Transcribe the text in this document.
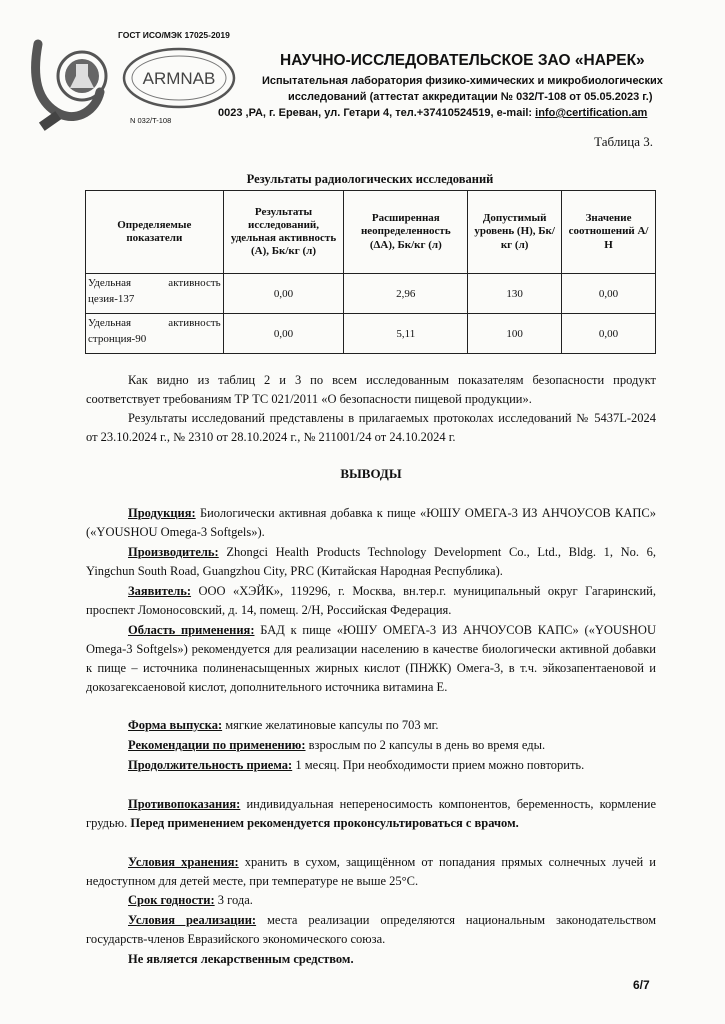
ГОСТ ИСО/МЭК 17025-2019
ARMNAB
N 032/T-108
НАУЧНО-ИССЛЕДОВАТЕЛЬСКОЕ ЗАО «НАРЕК»
Испытательная лаборатория физико-химических и микробиологических
исследований (аттестат аккредитации № 032/Т-108 от 05.05.2023 г.)
0023 ,РА, г. Ереван, ул. Гетари 4, тел.+37410524519, e-mail: info@certification.am
Таблица 3.
Результаты радиологических исследований
Определяемые показатели	Результаты исследований, удельная активность (А), Бк/кг (л)	Расширенная неопределенность (ΔА), Бк/кг (л)	Допустимый уровень (Н), Бк/кг (л)	Значение соотношений А/Н
Удельная активность цезия-137	0,00	2,96	130	0,00
Удельная активность стронция-90	0,00	5,11	100	0,00
Как видно из таблиц 2 и 3 по всем исследованным показателям безопасности продукт соответствует требованиям ТР ТС 021/2011 «О безопасности пищевой продукции».
Результаты исследований представлены в прилагаемых протоколах исследований № 5437L-2024 от 23.10.2024 г., № 2310 от 28.10.2024 г., № 211001/24 от 24.10.2024 г.
ВЫВОДЫ
Продукция: Биологически активная добавка к пище «ЮШУ ОМЕГА-3 ИЗ АНЧОУСОВ КАПС» («YOUSHOU Omega-3 Softgels»).
Производитель: Zhongci Health Products Technology Development Co., Ltd., Bldg. 1, No. 6, Yingchun South Road, Guangzhou City, PRC (Китайская Народная Республика).
Заявитель: ООО «ХЭЙК», 119296, г. Москва, вн.тер.г. муниципальный округ Гагаринский, проспект Ломоносовский, д. 14, помещ. 2/Н, Российская Федерация.
Область применения: БАД к пище «ЮШУ ОМЕГА-3 ИЗ АНЧОУСОВ КАПС» («YOUSHOU Omega-3 Softgels») рекомендуется для реализации населению в качестве биологически активной добавки к пище – источника полиненасыщенных жирных кислот (ПНЖК) Омега-3, в т.ч. эйкозапентаеновой и докозагексаеновой кислот, дополнительного источника витамина Е.
Форма выпуска: мягкие желатиновые капсулы по 703 мг.
Рекомендации по применению: взрослым по 2 капсулы в день во время еды.
Продолжительность приема: 1 месяц. При необходимости прием можно повторить.
Противопоказания: индивидуальная непереносимость компонентов, беременность, кормление грудью. Перед применением рекомендуется проконсультироваться с врачом.
Условия хранения: хранить в сухом, защищённом от попадания прямых солнечных лучей и недоступном для детей месте, при температуре не выше 25°С.
Срок годности: 3 года.
Условия реализации: места реализации определяются национальным законодательством государств-членов Евразийского экономического союза.
Не является лекарственным средством.
6/7
